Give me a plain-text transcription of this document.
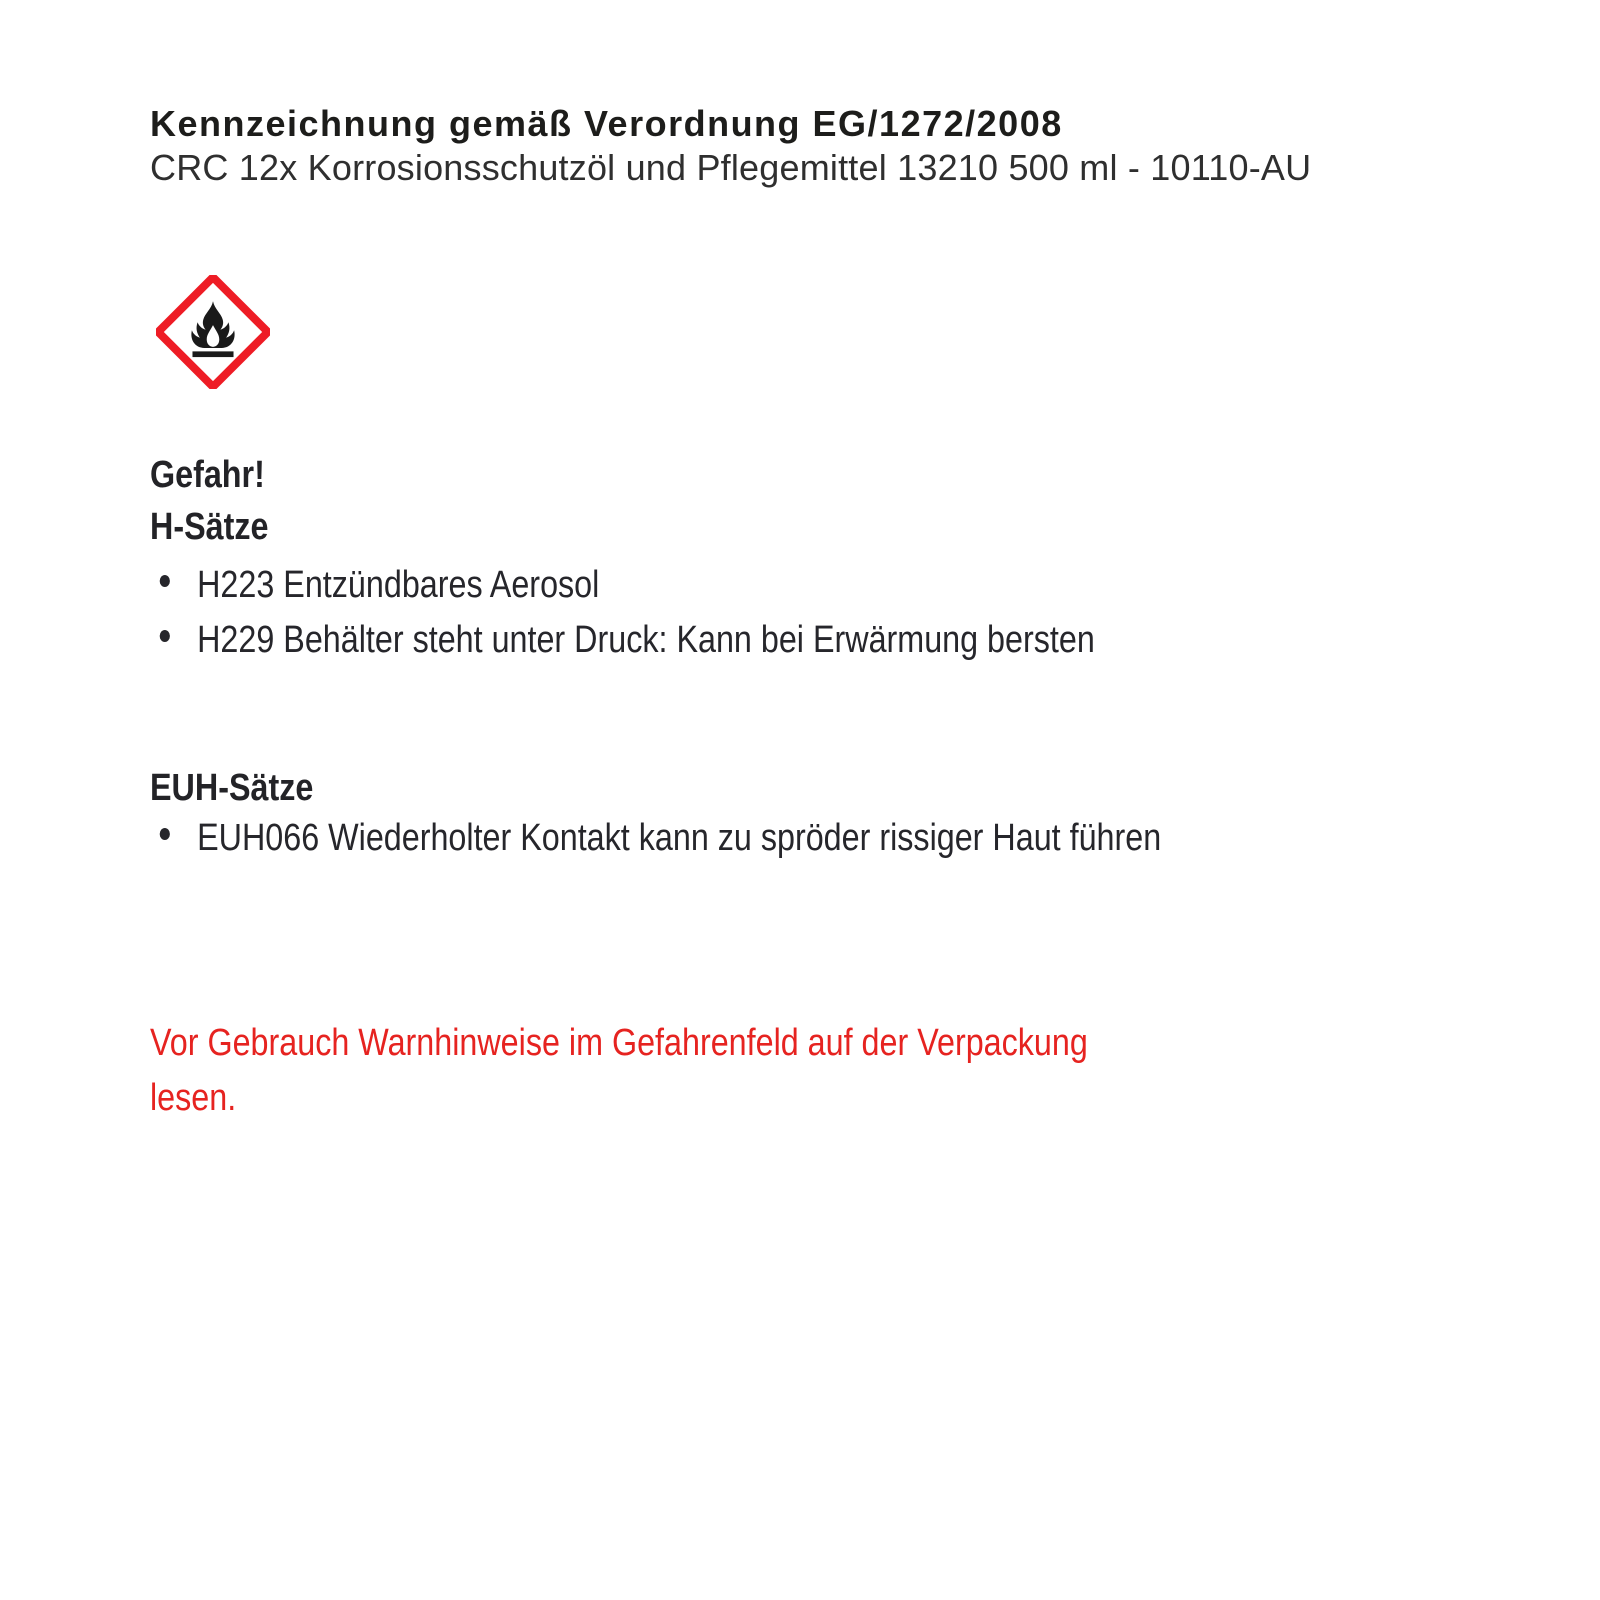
Kennzeichnung gemäß Verordnung EG/1272/2008
CRC 12x Korrosionsschutzöl und Pflegemittel 13210 500 ml - 10110-AU
Gefahr!
H-Sätze
H223 Entzündbares Aerosol
H229 Behälter steht unter Druck: Kann bei Erwärmung bersten
EUH-Sätze
EUH066 Wiederholter Kontakt kann zu spröder rissiger Haut führen

Vor Gebrauch Warnhinweise im Gefahrenfeld auf der Verpackung lesen.
